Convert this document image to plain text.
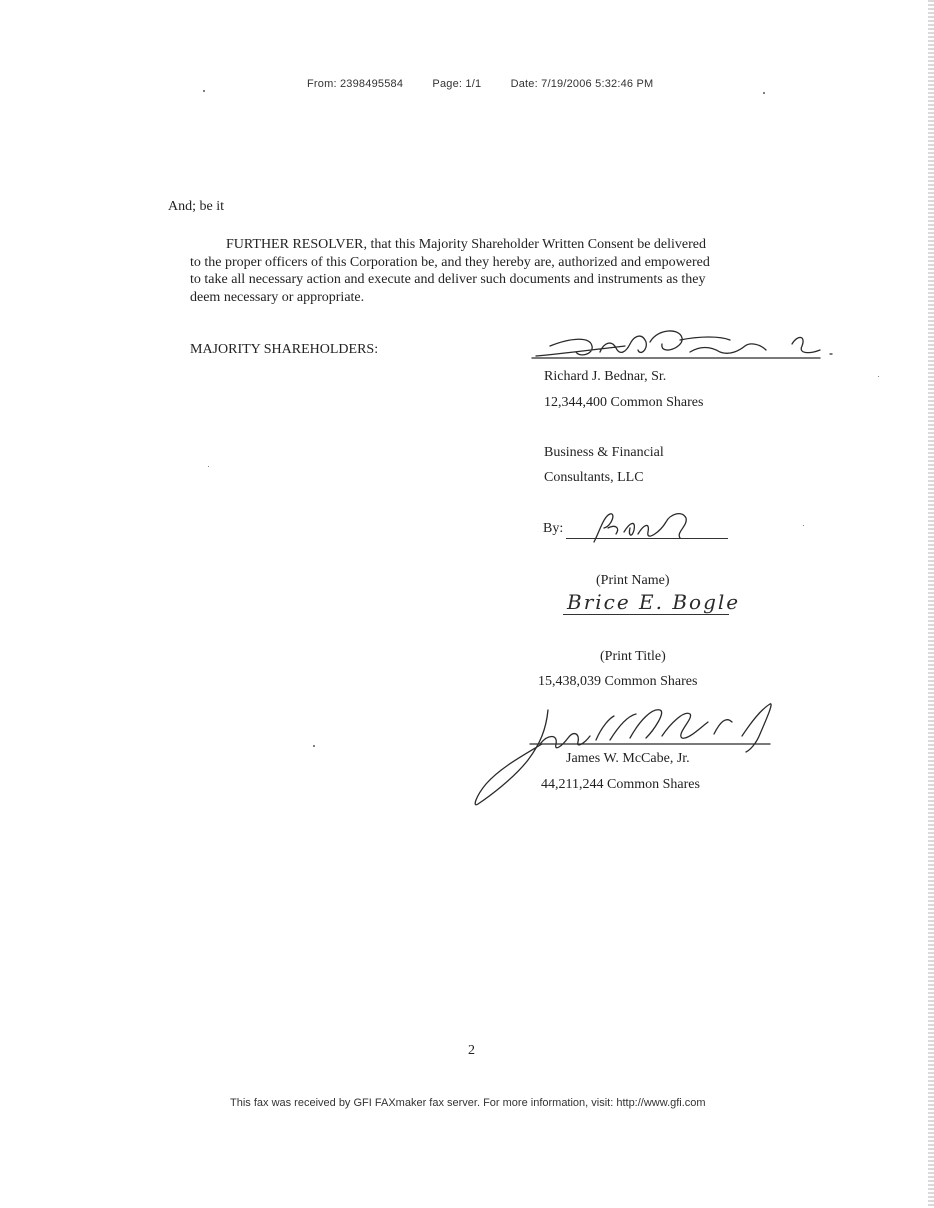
From: 2398495584	Page: 1/1	Date: 7/19/2006 5:32:46 PM
And; be it
FURTHER RESOLVER, that this Majority Shareholder Written Consent be delivered
to the proper officers of this Corporation be, and they hereby are, authorized and empowered
to take all necessary action and execute and deliver such documents and instruments as they
deem necessary or appropriate.
MAJORITY SHAREHOLDERS:
Richard J. Bednar, Sr.
12,344,400 Common Shares
Business & Financial
Consultants, LLC
By:
(Print Name)
Brice E. Bogle
(Print Title)
15,438,039 Common Shares
James W. McCabe, Jr.
44,211,244 Common Shares
2
This fax was received by GFI FAXmaker fax server. For more information, visit: http://www.gfi.com
